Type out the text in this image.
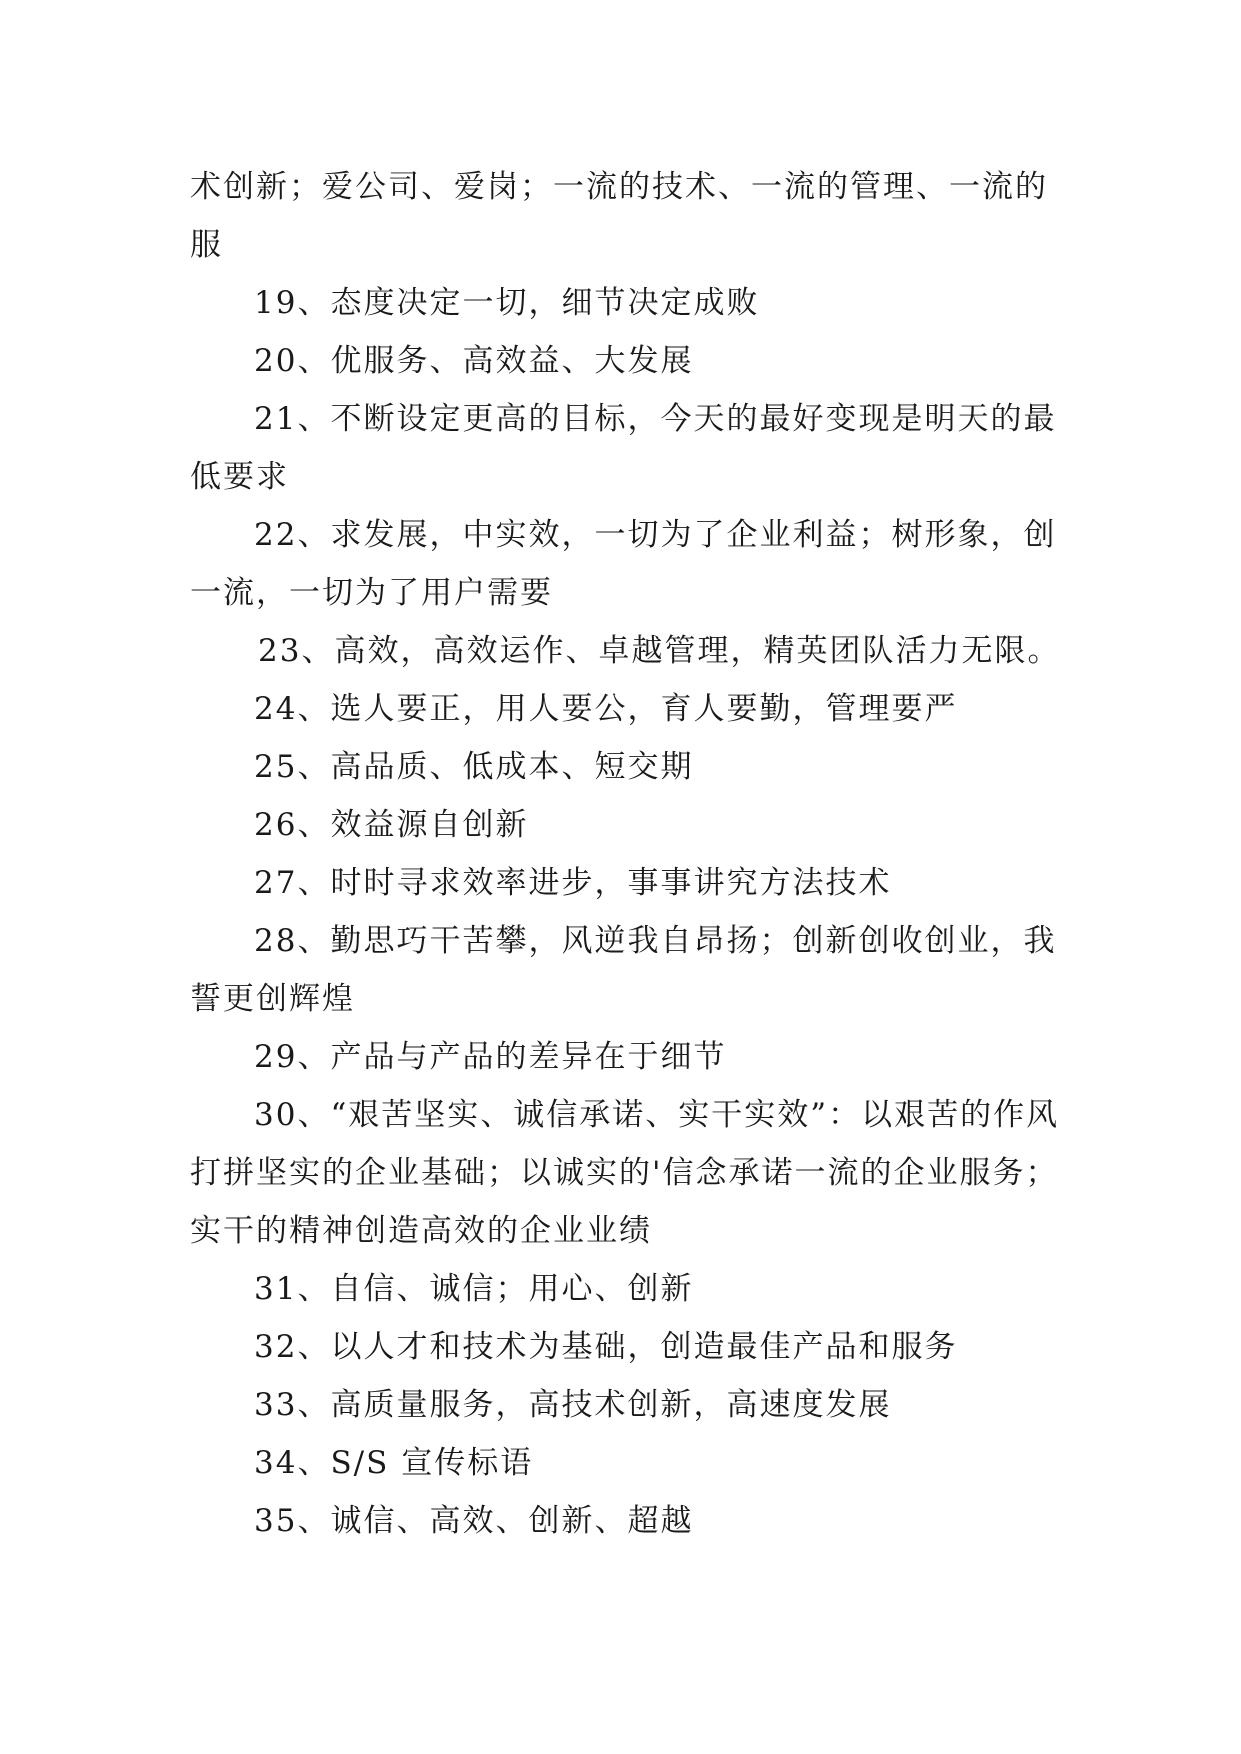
术创新；爱公司、爱岗；一流的技术、一流的管理、一流的服

19、态度决定一切，细节决定成败

20、优服务、高效益、大发展

21、不断设定更高的目标，今天的最好变现是明天的最低要求

22、求发展，中实效，一切为了企业利益；树形象，创一流，一切为了用户需要

23、高效，高效运作、卓越管理，精英团队活力无限。

24、选人要正，用人要公，育人要勤，管理要严

25、高品质、低成本、短交期

26、效益源自创新

27、时时寻求效率进步，事事讲究方法技术

28、勤思巧干苦攀，风逆我自昂扬；创新创收创业，我誓更创辉煌

29、产品与产品的差异在于细节

30、“艰苦坚实、诚信承诺、实干实效”：以艰苦的作风打拼坚实的企业基础；以诚实的'信念承诺一流的企业服务；实干的精神创造高效的企业业绩

31、自信、诚信；用心、创新

32、以人才和技术为基础，创造最佳产品和服务

33、高质量服务，高技术创新，高速度发展

34、S/S 宣传标语

35、诚信、高效、创新、超越
